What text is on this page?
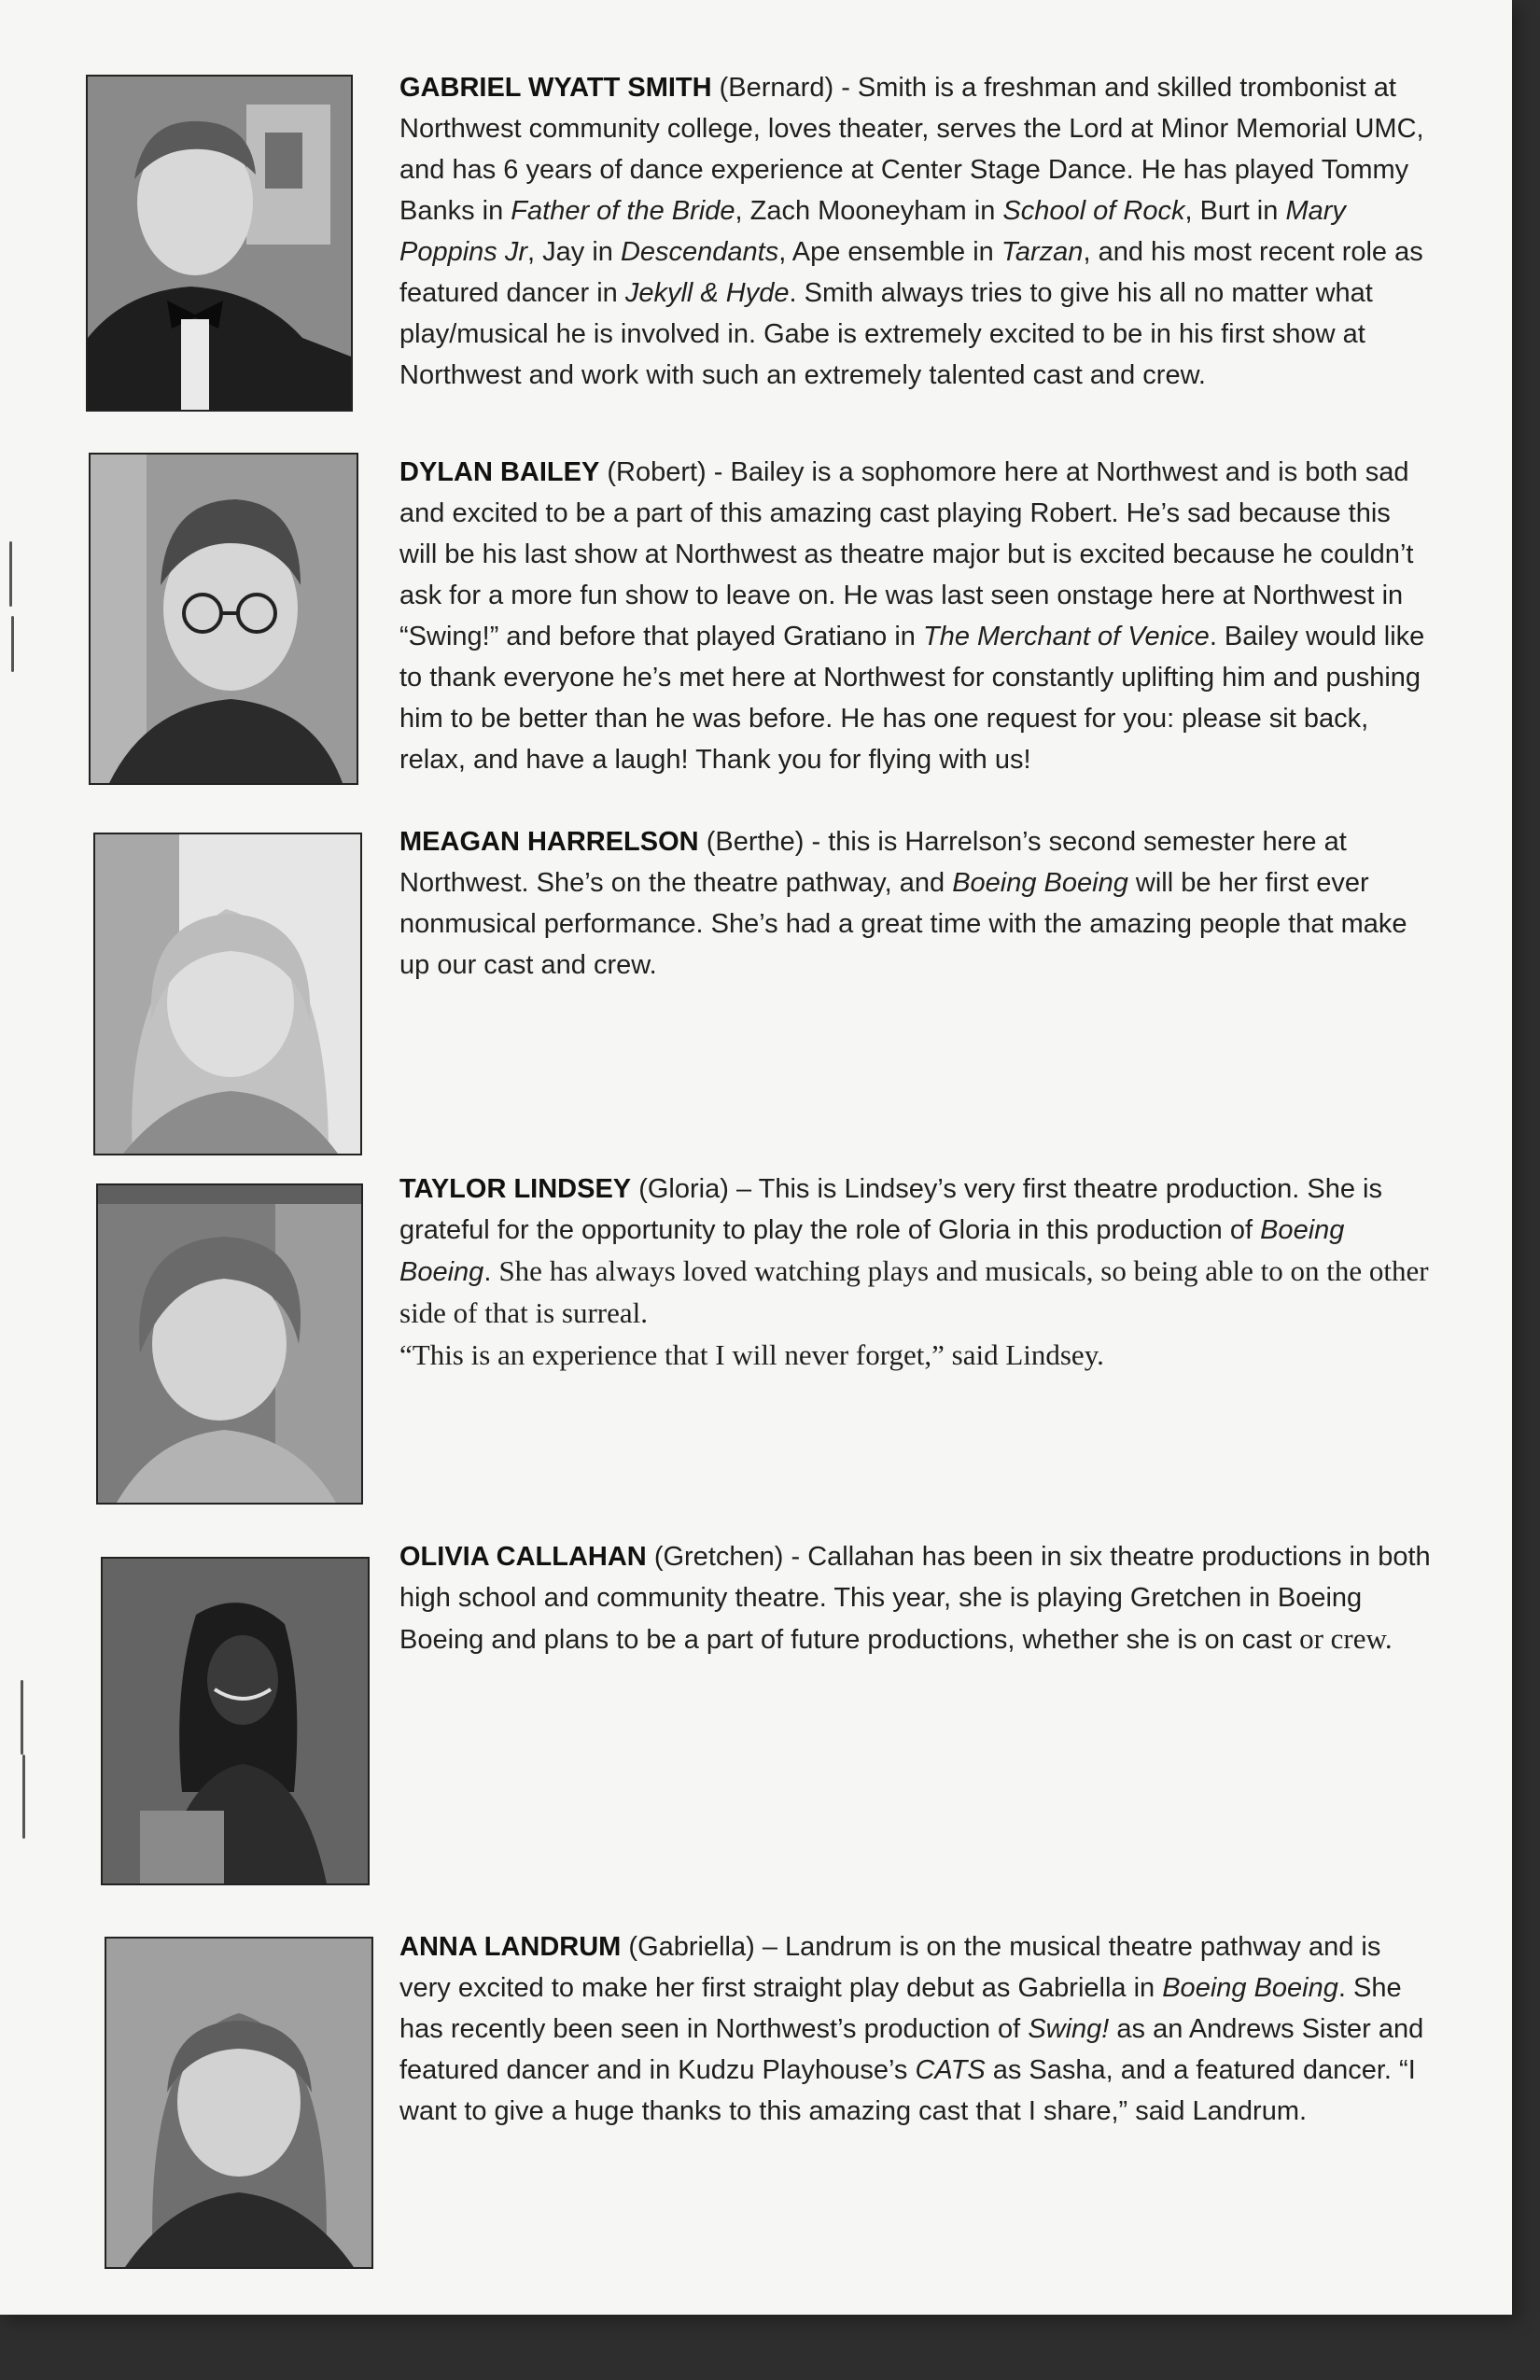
GABRIEL WYATT SMITH (Bernard) - Smith is a freshman and skilled trombonist at Northwest community college, loves theater, serves the Lord at Minor Memorial UMC, and has 6 years of dance experience at Center Stage Dance. He has played Tommy Banks in Father of the Bride, Zach Mooneyham in School of Rock, Burt in Mary Poppins Jr, Jay in Descendants, Ape ensemble in Tarzan, and his most recent role as featured dancer in Jekyll & Hyde. Smith always tries to give his all no matter what play/musical he is involved in. Gabe is extremely excited to be in his first show at Northwest and work with such an extremely talented cast and crew.

DYLAN BAILEY (Robert) - Bailey is a sophomore here at Northwest and is both sad and excited to be a part of this amazing cast playing Robert. He’s sad because this will be his last show at Northwest as theatre major but is excited because he couldn’t ask for a more fun show to leave on. He was last seen onstage here at Northwest in “Swing!” and before that played Gratiano in The Merchant of Venice. Bailey would like to thank everyone he’s met here at Northwest for constantly uplifting him and pushing him to be better than he was before. He has one request for you: please sit back, relax, and have a laugh! Thank you for flying with us!

MEAGAN HARRELSON (Berthe) - this is Harrelson’s second semester here at Northwest. She’s on the theatre pathway, and Boeing Boeing will be her first ever nonmusical performance. She’s had a great time with the amazing people that make up our cast and crew.

TAYLOR LINDSEY (Gloria) – This is Lindsey’s very first theatre production. She is grateful for the opportunity to play the role of Gloria in this production of Boeing Boeing. She has always loved watching plays and musicals, so being able to on the other side of that is surreal.
“This is an experience that I will never forget,” said Lindsey.

OLIVIA CALLAHAN (Gretchen) - Callahan has been in six theatre productions in both high school and community theatre. This year, she is playing Gretchen in Boeing Boeing and plans to be a part of future productions, whether she is on cast or crew.

ANNA LANDRUM (Gabriella) – Landrum is on the musical theatre pathway and is very excited to make her first straight play debut as Gabriella in Boeing Boeing. She has recently been seen in Northwest’s production of Swing! as an Andrews Sister and featured dancer and in Kudzu Playhouse’s CATS as Sasha, and a featured dancer. “I want to give a huge thanks to this amazing cast that I share,” said Landrum.
